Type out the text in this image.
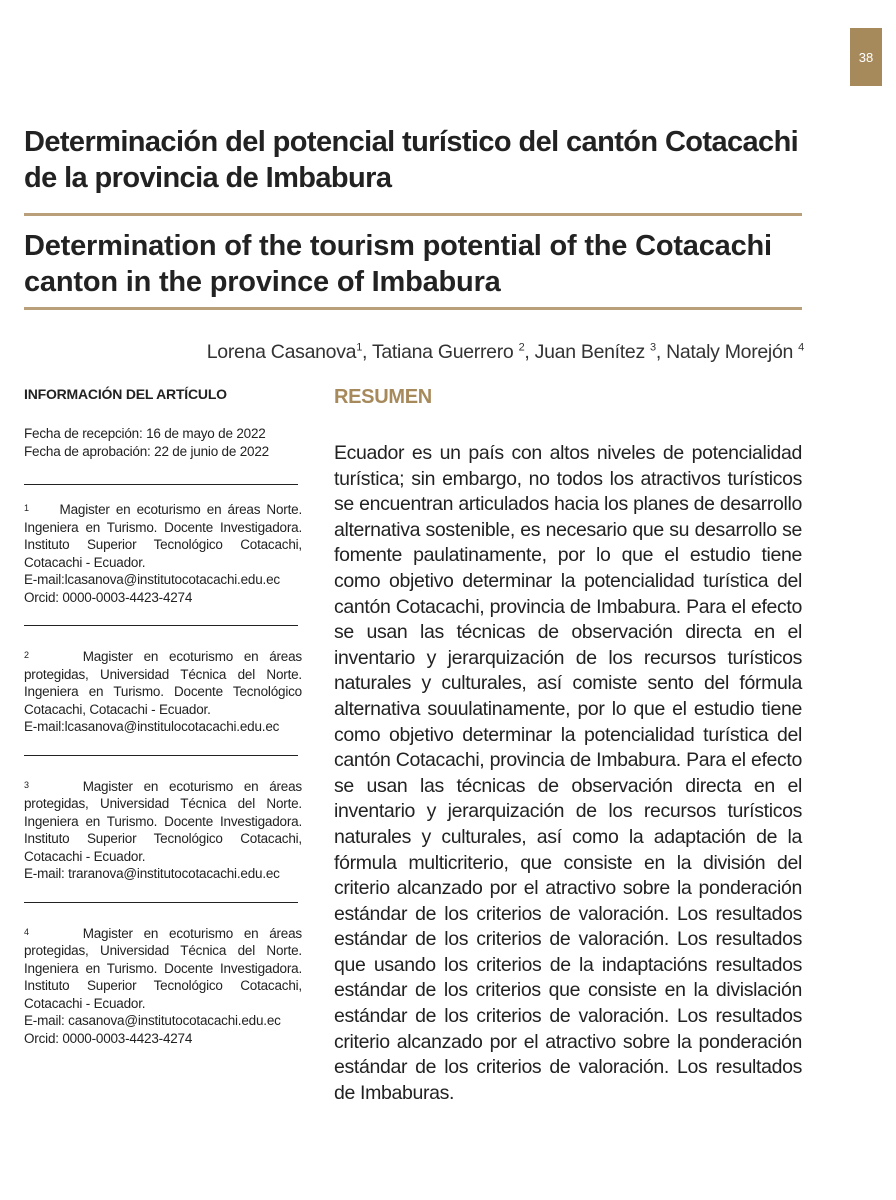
38
Determinación del potencial turístico del cantón Cotacachi de la provincia de Imbabura
Determination of the tourism potential of the Cotacachi canton in the province of Imbabura

Lorena Casanova$^1$, Tatiana Guerrero $^2$, Juan Benítez $^3$, Nataly Morejón $^4$

INFORMACIÓN DEL ARTÍCULO

Fecha de recepción: 16 de mayo de 2022
Fecha de aprobación: 22 de junio de 2022

$^1$ Magister en ecoturismo en áreas Norte. Ingeniera en Turismo. Docente Investigadora. Instituto Superior Tecnológico Cotacachi, Cotacachi - Ecuador.
E-mail:lcasanova@institutocotacachi.edu.ec
Orcid: 0000-0003-4423-4274
$^2$	Magister en ecoturismo en áreas protegidas, Universidad Técnica del Norte. Ingeniera en Turismo. Docente Tecnológico Cotacachi, Cotacachi - Ecuador.
E-mail:lcasanova@institulocotacachi.edu.ec
$^3$	Magister en ecoturismo en áreas protegidas, Universidad Técnica del Norte. Ingeniera en Turismo. Docente Investigadora. Instituto Superior Tecnológico Cotacachi, Cotacachi - Ecuador.
E-mail: traranova@institutocotacachi.edu.ec
$^4$	Magister en ecoturismo en áreas protegidas, Universidad Técnica del Norte. Ingeniera en Turismo. Docente Investigadora. Instituto Superior Tecnológico Cotacachi, Cotacachi - Ecuador.
E-mail: casanova@institutocotacachi.edu.ec
Orcid: 0000-0003-4423-4274

RESUMEN

Ecuador es un país con altos niveles de potencialidad turística; sin embargo, no todos los atractivos turísticos se encuentran articulados hacia los planes de desarrollo alternativa sostenible, es necesario que su desarrollo se fomente paulatinamente, por lo que el estudio tiene como objetivo determinar la potencialidad turística del cantón Cotacachi, provincia de Imbabura. Para el efecto se usan las técnicas de observación directa en el inventario y jerarquización de los recursos turísticos naturales y culturales, así comiste sento del fórmula alternativa souulatinamente, por lo que el estudio tiene como objetivo determinar la potencialidad turística del cantón Cotacachi, provincia de Imbabura. Para el efecto se usan las técnicas de observación directa en el inventario y jerarquización de los recursos turísticos naturales y culturales, así como la adaptación de la fórmula multicriterio, que consiste en la división del criterio alcanzado por el atractivo sobre la ponderación estándar de los criterios de valoración. Los resultados estándar de los criterios de valoración. Los resultados que usando los criterios de la indaptacións resultados estándar de los criterios que consiste en la divislación estándar de los criterios de valoración. Los resultados criterio alcanzado por el atractivo sobre la ponderación estándar de los criterios de valoración. Los resultados de Imbaburas.
